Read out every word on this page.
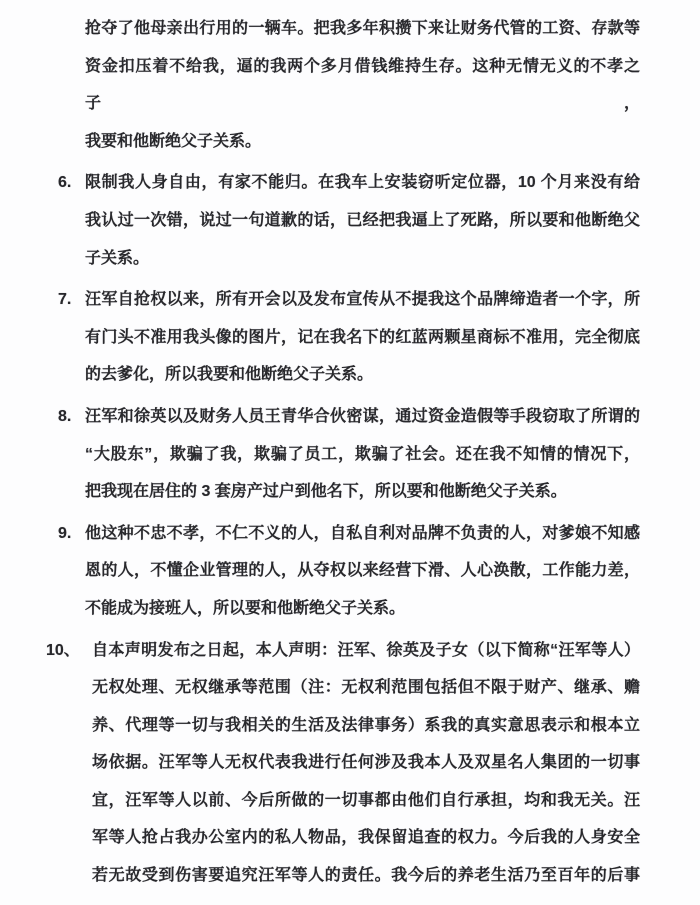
抢夺了他母亲出行用的一辆车。把我多年积攒下来让财务代管的工资、存款等
资金扣压着不给我，逼的我两个多月借钱维持生存。这种无情无义的不孝之子，
我要和他断绝父子关系。
6. 限制我人身自由，有家不能归。在我车上安装窃听定位器，10 个月来没有给
我认过一次错，说过一句道歉的话，已经把我逼上了死路，所以要和他断绝父
子关系。
7. 汪军自抢权以来，所有开会以及发布宣传从不提我这个品牌缔造者一个字，所
有门头不准用我头像的图片，记在我名下的红蓝两颗星商标不准用，完全彻底
的去爹化，所以我要和他断绝父子关系。
8. 汪军和徐英以及财务人员王青华合伙密谋，通过资金造假等手段窃取了所谓的
“大股东”，欺骗了我，欺骗了员工，欺骗了社会。还在我不知情的情况下，
把我现在居住的 3 套房产过户到他名下，所以要和他断绝父子关系。
9. 他这种不忠不孝，不仁不义的人，自私自利对品牌不负责的人，对爹娘不知感
恩的人，不懂企业管理的人，从夺权以来经营下滑、人心涣散，工作能力差，
不能成为接班人，所以要和他断绝父子关系。
10、 自本声明发布之日起，本人声明：汪军、徐英及子女（以下简称“汪军等人）
无权处理、无权继承等范围（注：无权利范围包括但不限于财产、继承、赡
养、代理等一切与我相关的生活及法律事务）系我的真实意思表示和根本立
场依据。汪军等人无权代表我进行任何涉及我本人及双星名人集团的一切事
宜，汪军等人以前、今后所做的一切事都由他们自行承担，均和我无关。汪
军等人抢占我办公室内的私人物品，我保留追查的权力。今后我的人身安全
若无故受到伤害要追究汪军等人的责任。我今后的养老生活乃至百年的后事
